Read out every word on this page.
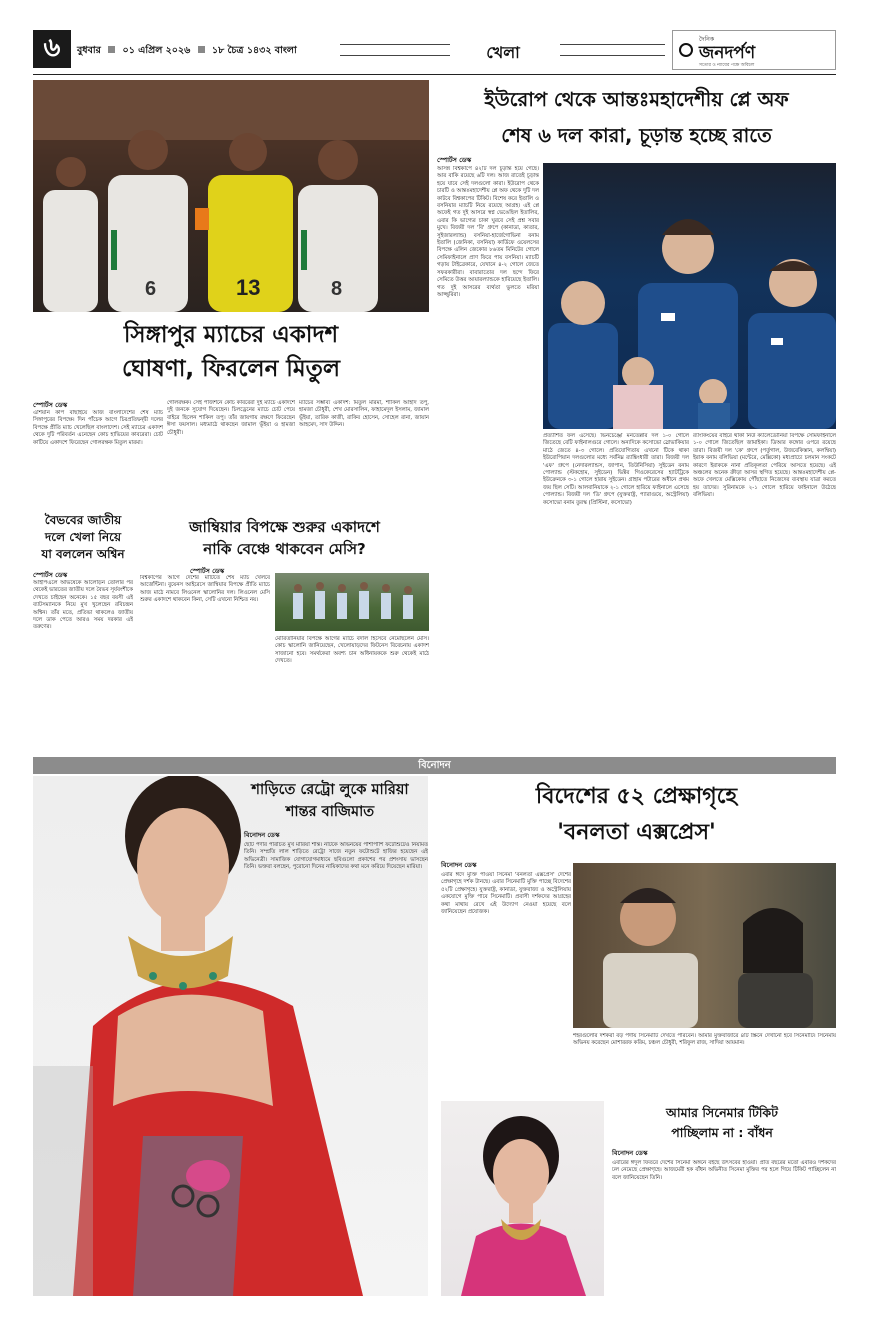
৬ বুধবার ০১ এপ্রিল ২০২৬ ১৮ চৈত্র ১৪৩২ বাংলা	খেলা
দৈনিক
জনদর্পণ
সত্যের ও ন্যায়ের পক্ষে অবিচল
6	13	8
সিঙ্গাপুর ম্যাচের একাদশ
ঘোষণা, ফিরলেন মিতুল
স্পোর্টস ডেস্ক
এশিয়ান কাপ বাছাইয়ে আজ বাংলাদেশের শেষ ম্যাচ সিঙ্গাপুরের বিপক্ষে। দিন পাঁচেক আগে চিরপ্রতিদ্বন্দ্বী দলের বিপক্ষে প্রীতি ম্যাচ খেলেছিল বাংলাদেশ। সেই ম্যাচের একাদশ থেকে দুটি পরিবর্তন এনেছেন কোচ হাভিয়ের কাবরেরা। চোট কাটিয়ে একাদশে ফিরেছেন গোলরক্ষক মিতুল মারমা।
গোলরক্ষক। সেই পজিশনে কোচ কাবরেরা দুই ম্যাচে একাদশে দুই জনকে সুযোগ দিয়েছেন। চিলড্রেনের ম্যাচে চোট পেয়ে বাইরে ছিলেন শাকিল তপু। তাঁর জায়গায় রক্ষণে ফিরেছেন ঈসা ফয়সাল। মধ্যমাঠে থাকছেন জামাল ভূঁইয়া ও হামজা চৌধুরী।
ম্যাচের সম্ভাব্য একাদশ: মিতুল মারমা, শাকিল আহাদ তপু, হামজা চৌধুরী, শেখ মোরসালিন, ফাহামেদুল ইসলাম, জামাল ভূঁইয়া, তারিক কাজী, রাকিব হোসেন, সোহেল রানা, জায়ান আহমেদ, সাদ উদ্দিন।
বৈভবের জাতীয়
দলে খেলা নিয়ে
যা বললেন অশ্বিন
স্পোর্টস ডেস্ক
আইপিএলে অভিষেকে আলোড়ন তোলার পর থেকেই ভারতের জাতীয় দলে বৈভব সূর্যবংশীকে দেখতে চাইছেন অনেকে। ১৫ বছর বয়সী এই ব্যাটসম্যানকে নিয়ে মুখ খুলেছেন রবিচন্দ্রন অশ্বিন। তাঁর মতে, প্রতিভা থাকলেও জাতীয় দলে ডাক পেতে আরও সময় দরকার এই তরুণের।
জাম্বিয়ার বিপক্ষে শুরুর একাদশে
নাকি বেঞ্চে থাকবেন মেসি?
স্পোর্টস ডেস্ক
বিশ্বকাপের আগে দেশের মাটিতে শেষ ম্যাচ খেলবে আর্জেন্টিনা। বুয়েনস আইরেসে জাম্বিয়ার বিপক্ষে প্রীতি ম্যাচে আজ মাঠে নামবে লিওনেল স্কালোনির দল। লিওনেল মেসি শুরুর একাদশে থাকবেন কিনা, সেটি এখনো নিশ্চিত নয়।
মৌরিতানিয়ার বিপক্ষে আগের ম্যাচে বদলি হিসেবে নেমেছিলেন মেসি। কোচ স্কালোনি জানিয়েছেন, খেলোয়াড়দের ফিটনেস বিবেচনায় একাদশ সাজানো হবে। সমর্থকেরা অবশ্য চান অধিনায়ককে শুরু থেকেই মাঠে দেখতে।
ইউরোপ থেকে আন্তঃমহাদেশীয় প্লে অফ
শেষ ৬ দল কারা, চূড়ান্ত হচ্ছে রাতে
স্পোর্টস ডেস্ক
আসন্ন বিশ্বকাপে ৪২টি দল চূড়ান্ত হয়ে গেছে। আর বাকি রয়েছে ৬টি দল। আজ রাতেই চূড়ান্ত হয়ে যাবে সেই দলগুলো কারা। ইউরোপ থেকে চারটি ও আন্তঃমহাদেশীয় প্লে অফ থেকে দুটি দল কাটবে বিশ্বকাপের টিকিট। বিশেষ করে ইতালি ও বসনিয়ার ম্যাচটি নিয়ে রয়েছে আগ্রহ। এই প্লে অফেই গত দুই আসরে স্বপ্ন ভেঙেছিল ইতালির, এবার কি ভাগ্যের চাকা ঘুরবে সেই প্রশ্ন সবার মুখে। বিজয়ী দল 'বি' গ্রুপে (কানাডা, কাতার, সুইজারল্যান্ড) বসনিয়া-হার্জেগোভিনা বনাম ইতালি (জেনিকা, বসনিয়া) কার্ডিফে ওয়েলসের বিপক্ষে এলিন জেকোর ৮৬তম মিনিটের গোলে সেমিফাইনালে প্রাণ ফিরে পায় বসনিয়া। ম্যাচটি গড়ায় টাইব্রেকারে, যেখানে ৪-২ গোলে জেতে সফরকারীরা। বাবারাতোর দল ছন্দে ফিরে সেমিতে উত্তর আয়ারল্যান্ডকে হারিয়েছে ইতালি। গত দুই আসরের ব্যর্থতা ভুলতে মরিয়া আজ্জুরিরা।
প্রত্যাশিত ফল এসেছে। ভিনচেঞ্জো মনতেল্লার দল ১-০ গোলে জিতেছে বেটি ফাইনালগুরে গোলে। অন্যদিকে কসোভো স্লোভাকিয়ার মাঠে জেতে ৪-৩ গোলে। প্রতিযোগিতায় এখনো টিকে থাকা ইউরোপিয়ান দলগুলোর মধ্যে সর্বনিম্ন র‍্যাঙ্কিংধারী তারা। বিজয়ী দল 'এফ' গ্রুপে (নেদারল্যান্ডস, জাপান, তিউনিসিয়া) সুইডেন বনাম পোল্যান্ড (স্টকহোম, সুইডেন) ভিক্টর গিওকেরেসের হ্যাটট্রিকে ইউক্রেনকে ৩-১ গোলে হারায় সুইডেন। গ্রাহাম পটারের অধীনে প্রথম জয় ছিল সেটি। আলবানিয়াকে ২-১ গোলে হারিয়ে ফাইনালে এসেছে পোল্যান্ড। বিজয়ী দল 'ডি' গ্রুপে (যুক্তরাষ্ট্র, প্যারাগুয়ে, অস্ট্রেলিয়া) কসোভো বনাম তুরস্ক (প্রিস্টিনা, কসোভো)
র‍্যাংকিংয়ের বাইরে থাকা নিউ ক্যালেডোনিয়া বিপক্ষে সেমিফাইনালে ১-০ গোলে জিতেছিল জামাইকা। ডিআর কঙ্গোর ওপরে রয়েছে তারা। বিজয়ী দল 'কে' গ্রুপে (পর্তুগাল, উজবেকিস্তান, কলম্বিয়া) ইরাক বনাম বলিভিয়া (মন্টেরে, মেক্সিকো) মধ্যপ্রাচ্যে চলমান সংকটে কারণে ইরাককে নানা প্রতিকূলতা পেরিয়ে আসতে হয়েছে। এই অঞ্চলের অনেক ক্রীড়া আসর স্থগিত হয়েছে। আন্তঃমহাদেশীয় প্লে-অফে খেলতে মেক্সিকোয় পৌঁছাতে নিজেদের ব্যবস্থায় যাত্রা করতে হয় তাদের। সুরিনামকে ২-১ গোলে হারিয়ে ফাইনালে উঠেছে বলিভিয়া।
বিনোদন
শাড়িতে রেট্রো লুকে মারিয়া
শান্তর বাজিমাত
বিনোদন ডেস্ক
ছোট পর্দার পরিচিত মুখ মারিয়া শান্ত। নাটকে অভিনয়ের পাশাপাশি ফটোশুটেও নিয়মিত তিনি। সম্প্রতি লাল শাড়িতে রেট্রো সাজে নতুন ফটোশুটে হাজির হয়েছেন এই অভিনেত্রী। সামাজিক যোগাযোগমাধ্যমে ছবিগুলো প্রকাশের পর প্রশংসায় ভাসছেন তিনি। ভক্তরা বলছেন, পুরোনো দিনের নায়িকাদের কথা মনে করিয়ে দিয়েছেন মারিয়া।
বিদেশের ৫২ প্রেক্ষাগৃহে
'বনলতা এক্সপ্রেস'
বিনোদন ডেস্ক
এবার ঈদে মুক্তি পাওয়া সিনেমা 'বনলতা এক্সপ্রেস' দেশের প্রেক্ষাগৃহে দর্শক টানছে। এবার সিনেমাটি মুক্তি পাচ্ছে বিদেশের ৫২টি প্রেক্ষাগৃহে। যুক্তরাষ্ট্র, কানাডা, যুক্তরাজ্য ও অস্ট্রেলিয়ায় একযোগে মুক্তি পাবে সিনেমাটি। প্রবাসী দর্শকদের আগ্রহের কথা মাথায় রেখে এই উদ্যোগ নেওয়া হয়েছে বলে জানিয়েছেন প্রযোজক।
শহরগুলোর দর্শকরা বড় পর্দায় সিনেমাটি দেখতে পারবেন। আমার মুক্তবাজারে ৪টি স্ক্রিনে দেখানো হবে সিনেমাটি। সিনেমায় অভিনয় করেছেন মোশাররফ করিম, চঞ্চল চৌধুরী, শরিফুল রাজ, সাদিয়া আয়মান।
আমার সিনেমার টিকিট
পাচ্ছিলাম না : বাঁধন
বিনোদন ডেস্ক
এবারের ঈদুল ফিতরে দেশের সিনেমা অঙ্গনে বইছে উৎসবের হাওয়া। প্রতি বছরের মতো এবারও দর্শকদের ঢল নেমেছে প্রেক্ষাগৃহে। আজমেরী হক বাঁধন অভিনীত সিনেমা মুক্তির পর হলে গিয়ে টিকিট পাচ্ছিলেন না বলে জানিয়েছেন তিনি।
